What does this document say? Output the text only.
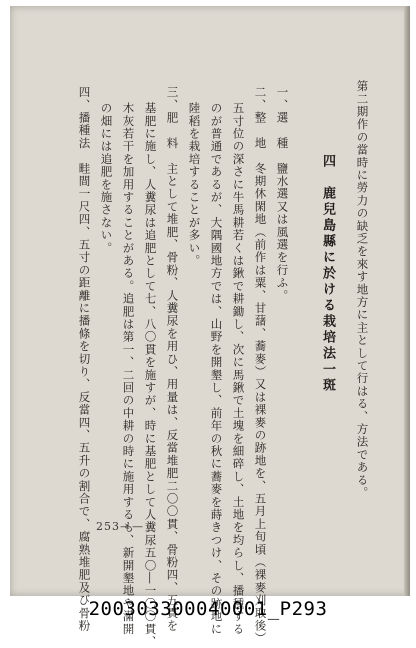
第二期作の當時に勞力の缺乏を來す地方に主として行はる、方法である。
四　鹿兒島縣に於ける栽培法一斑
一、選　種　鹽水選又は風選を行ふ。
二、整　地　冬期休閑地（前作は粟、甘藷、蕎麥）又は裸麥の跡地を、五月上旬頃（裸麥刈取後）
五寸位の深さに牛馬耕若くは鍬で耕鋤し、次に馬鍬で土塊を細碎し、土地を均らし、播種する
のが普通であるが、大隅國地方では、山野を開墾し、前年の秋に蕎麥を蒔きつけ、その跡地に
陸稻を栽培することが多い。
三、肥　料　主として堆肥、骨粉、人糞尿を用ひ、用量は、反當堆肥二〇〇貫、骨粉四、五貫を
基肥に施し、人糞尿は追肥として七、八〇貫を施すが、時に基肥として人糞尿五〇―一〇〇貫、
木灰若干を加用することがある。追肥は第一、二回の中耕の時に施用するも、新開墾地や滿開
の畑には追肥を施さない。
四、播種法　畦間一尺四、五寸の距離に播條を切り、反當四、五升の割合で、腐熟堆肥及び骨粉 253——
200303300040001_P293
